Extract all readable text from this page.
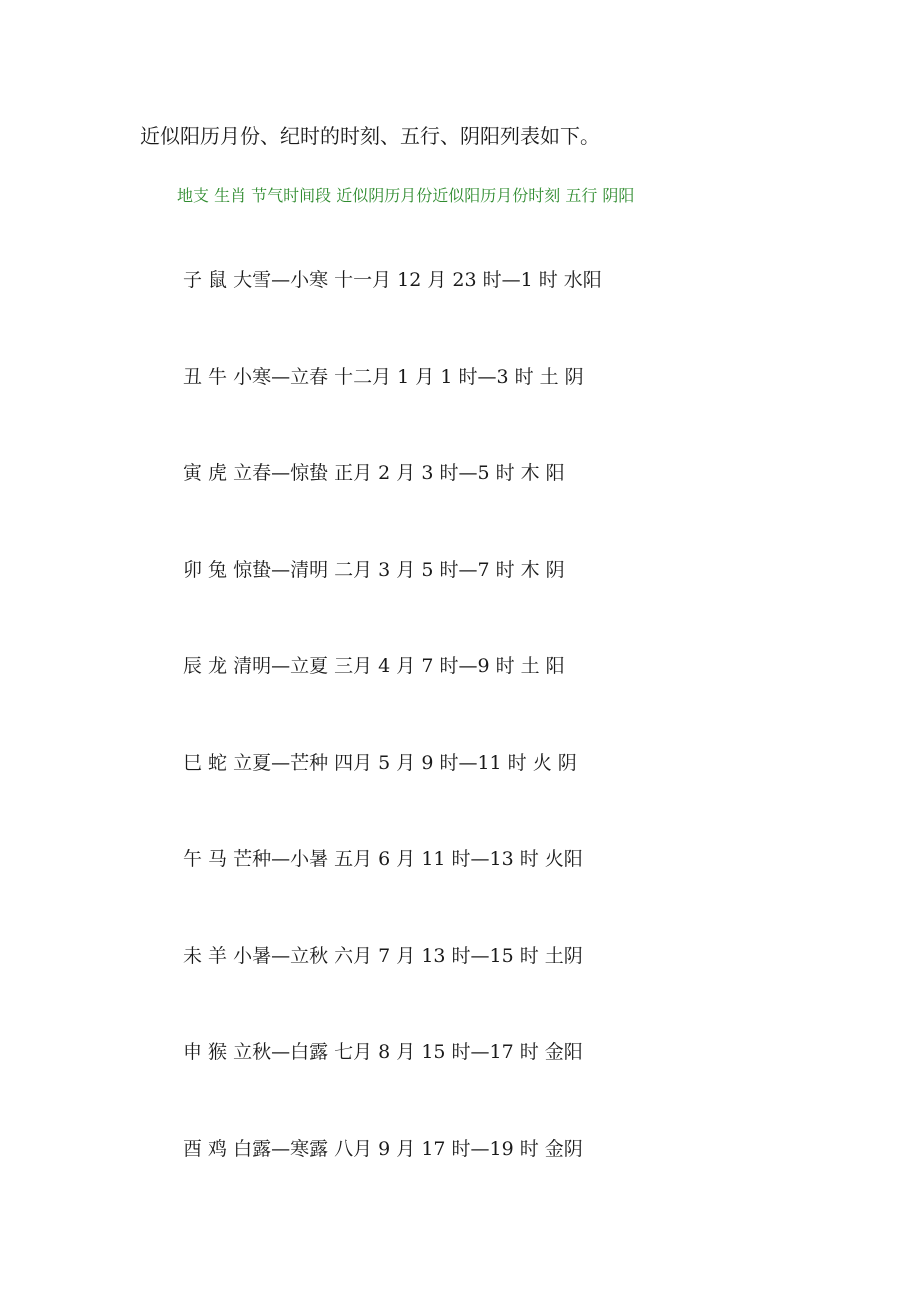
近似阳历月份、纪时的时刻、五行、阴阳列表如下。

地支 生肖 节气时间段 近似阴历月份近似阳历月份时刻 五行 阴阳
子 鼠 大雪—小寒 十一月 12 月 23 时—1 时 水阳
丑 牛 小寒—立春 十二月 1 月 1 时—3 时 土 阴
寅 虎 立春—惊蛰 正月 2 月 3 时—5 时 木 阳
卯 兔 惊蛰—清明 二月 3 月 5 时—7 时 木 阴
辰 龙 清明—立夏 三月 4 月 7 时—9 时 土 阳
巳 蛇 立夏—芒种 四月 5 月 9 时—11 时 火 阴
午 马 芒种—小暑 五月 6 月 11 时—13 时 火阳
未 羊 小暑—立秋 六月 7 月 13 时—15 时 土阴
申 猴 立秋—白露 七月 8 月 15 时—17 时 金阳
酉 鸡 白露—寒露 八月 9 月 17 时—19 时 金阴
